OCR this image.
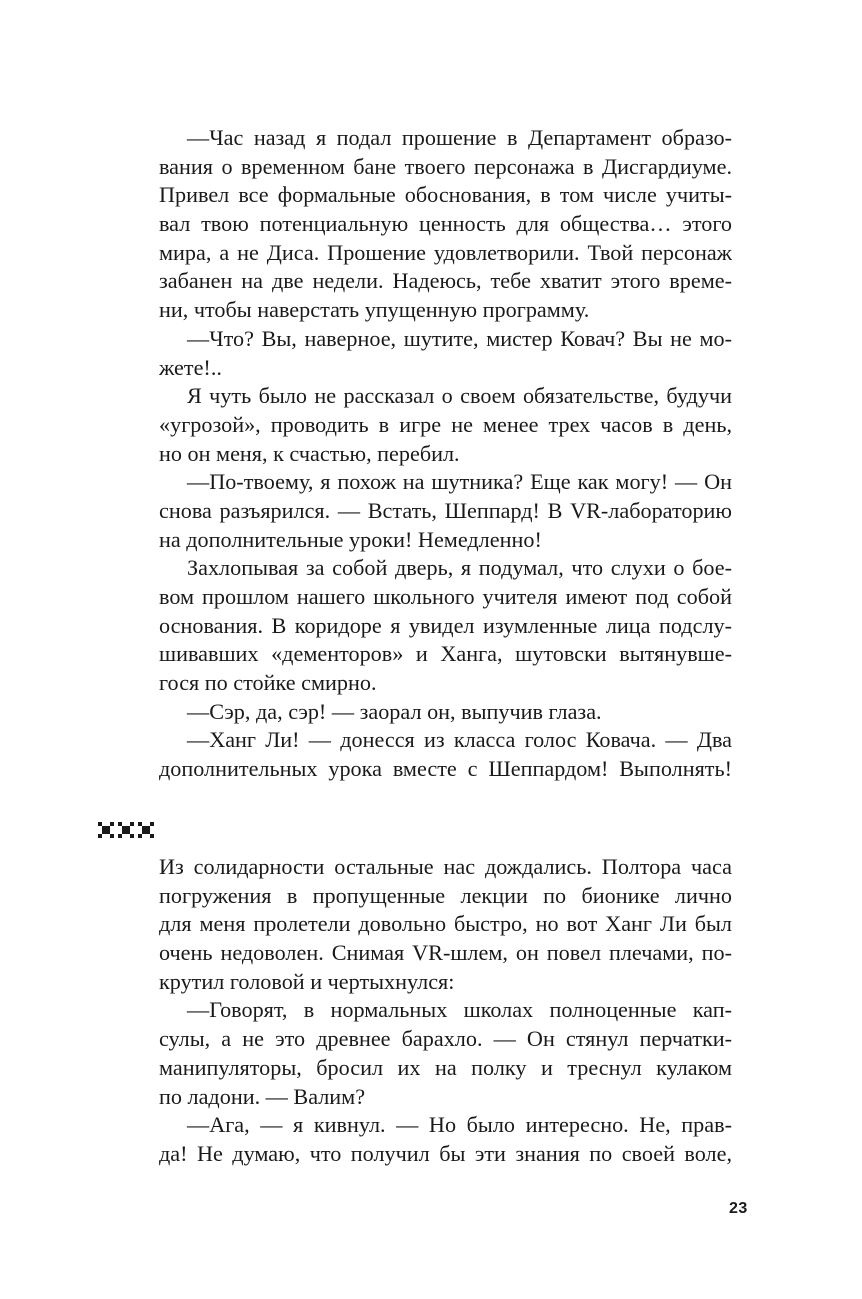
—Час назад я подал прошение в Департамент образо-
вания о временном бане твоего персонажа в Дисгардиуме.
Привел все формальные обоснования, в том числе учиты-
вал твою потенциальную ценность для общества… этого
мира, а не Диса. Прошение удовлетворили. Твой персонаж
забанен на две недели. Надеюсь, тебе хватит этого време-
ни, чтобы наверстать упущенную программу.
—Что? Вы, наверное, шутите, мистер Ковач? Вы не мо-
жете!..
Я чуть было не рассказал о своем обязательстве, будучи
«угрозой», проводить в игре не менее трех часов в день,
но он меня, к счастью, перебил.
—По-твоему, я похож на шутника? Еще как могу! — Он
снова разъярился. — Встать, Шеппард! В VR-лабораторию
на дополнительные уроки! Немедленно!
Захлопывая за собой дверь, я подумал, что слухи о бое-
вом прошлом нашего школьного учителя имеют под собой
основания. В коридоре я увидел изумленные лица подслу-
шивавших «дементоров» и Ханга, шутовски вытянувше-
гося по стойке смирно.
—Сэр, да, сэр! — заорал он, выпучив глаза.
—Ханг Ли! — донесся из класса голос Ковача. — Два
дополнительных урока вместе с Шеппардом! Выполнять!
Из солидарности остальные нас дождались. Полтора часа
погружения в пропущенные лекции по бионике лично
для меня пролетели довольно быстро, но вот Ханг Ли был
очень недоволен. Снимая VR-шлем, он повел плечами, по-
крутил головой и чертыхнулся:
—Говорят, в нормальных школах полноценные кап-
сулы, а не это древнее барахло. — Он стянул перчатки-
манипуляторы, бросил их на полку и треснул кулаком
по ладони. — Валим?
—Ага, — я кивнул. — Но было интересно. Не, прав-
да! Не думаю, что получил бы эти знания по своей воле,
23
